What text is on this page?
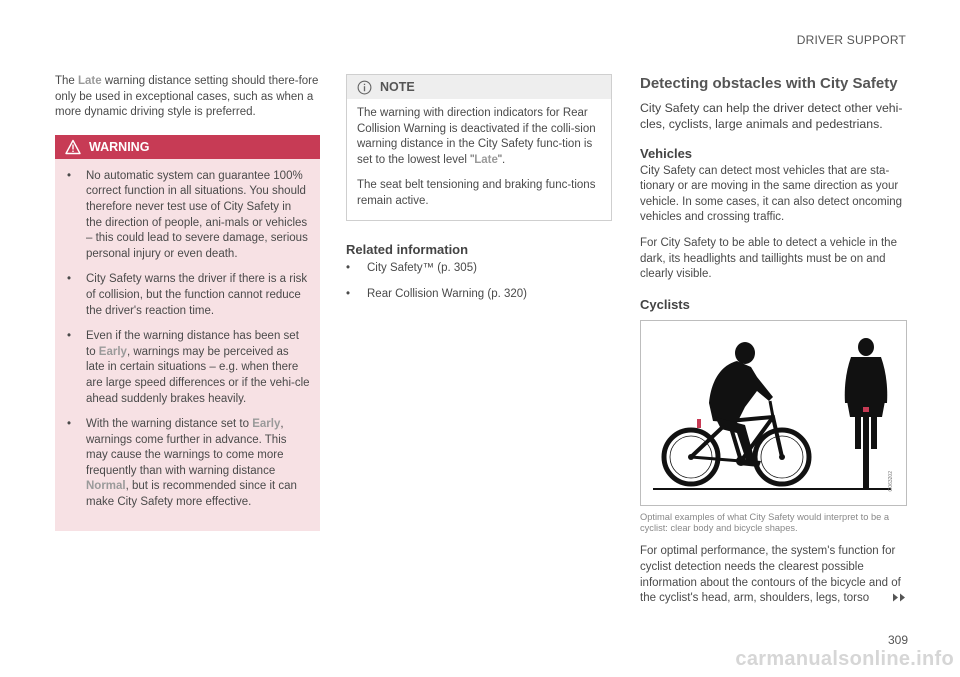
DRIVER SUPPORT

The Late warning distance setting should there-fore only be used in exceptional cases, such as when a more dynamic driving style is preferred.

WARNING
• No automatic system can guarantee 100% correct function in all situations. You should therefore never test use of City Safety in the direction of people, ani-mals or vehicles – this could lead to severe damage, serious personal injury or even death.
• City Safety warns the driver if there is a risk of collision, but the function cannot reduce the driver's reaction time.
• Even if the warning distance has been set to Early, warnings may be perceived as late in certain situations – e.g. when there are large speed differences or if the vehi-cle ahead suddenly brakes heavily.
• With the warning distance set to Early, warnings come further in advance. This may cause the warnings to come more frequently than with warning distance Normal, but is recommended since it can make City Safety more effective.
NOTE

The warning with direction indicators for Rear Collision Warning is deactivated if the colli-sion warning distance in the City Safety func-tion is set to the lowest level "Late".

The seat belt tensioning and braking func-tions remain active.

Related information
• City Safety™ (p. 305)
• Rear Collision Warning (p. 320)
Detecting obstacles with City Safety
City Safety can help the driver detect other vehi-cles, cyclists, large animals and pedestrians.
Vehicles

City Safety can detect most vehicles that are sta-tionary or are moving in the same direction as your vehicle. In some cases, it can also detect oncoming vehicles and crossing traffic.

For City Safety to be able to detect a vehicle in the dark, its headlights and taillights must be on and clearly visible.

Cyclists
G063202
Optimal examples of what City Safety would interpret to be a cyclist: clear body and bicycle shapes.

For optimal performance, the system's function for cyclist detection needs the clearest possible information about the contours of the bicycle and of the cyclist's head, arm, shoulders, legs, torso

309
carmanualsonline.info
